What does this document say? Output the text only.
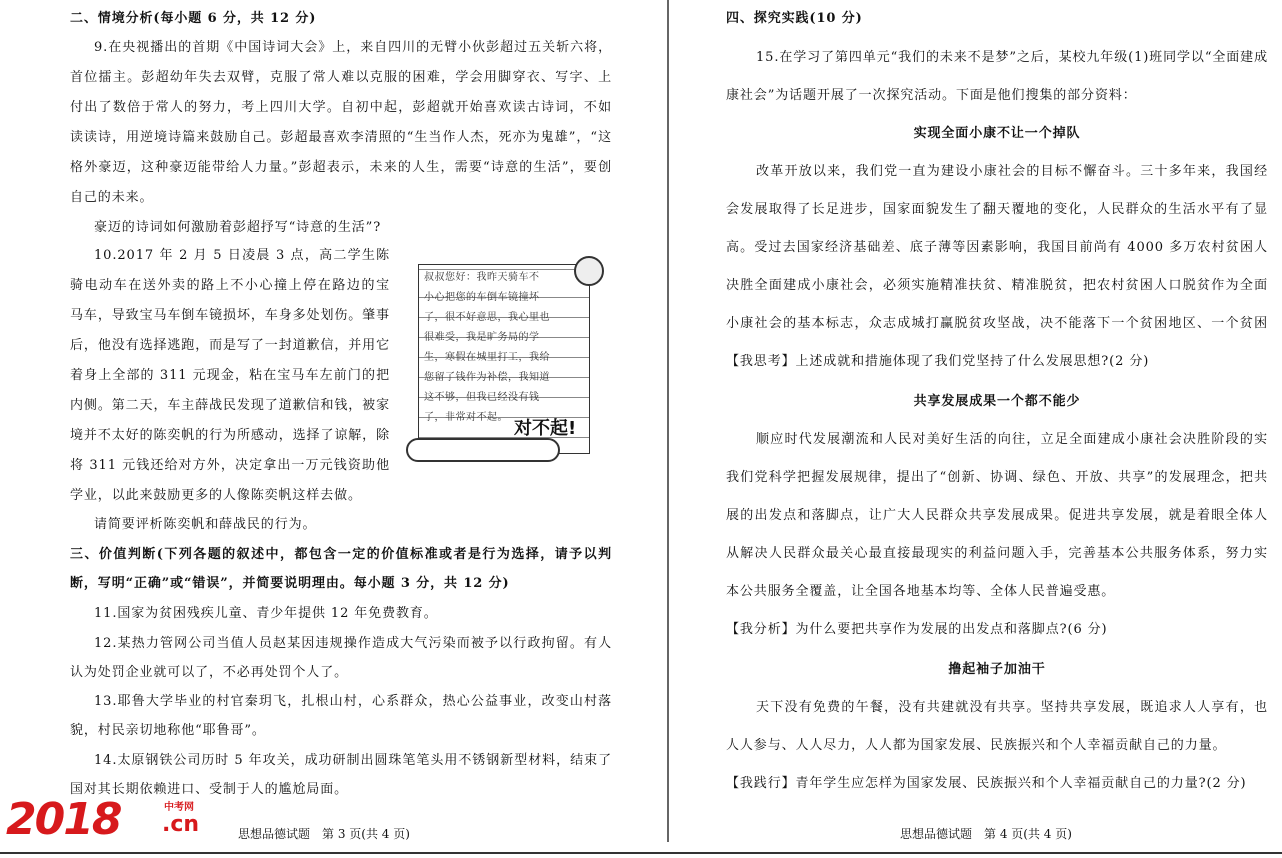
二、情境分析(每小题 6 分，共 12 分)
9.在央视播出的首期《中国诗词大会》上，来自四川的无臂小伙彭超过五关斩六将，
首位擂主。彭超幼年失去双臂，克服了常人难以克服的困难，学会用脚穿衣、写字、上
付出了数倍于常人的努力，考上四川大学。自初中起，彭超就开始喜欢读古诗词，不如
读读诗，用逆境诗篇来鼓励自己。彭超最喜欢李清照的“生当作人杰，死亦为鬼雄”，“这
格外豪迈，这种豪迈能带给人力量。”彭超表示，未来的人生，需要“诗意的生活”，要创
自己的未来。
豪迈的诗词如何激励着彭超抒写“诗意的生活”?
10.2017 年 2 月 5 日凌晨 3 点，高二学生陈
骑电动车在送外卖的路上不小心撞上停在路边的宝
马车，导致宝马车倒车镜损坏，车身多处划伤。肇事
后，他没有选择逃跑，而是写了一封道歉信，并用它
着身上全部的 311 元现金，粘在宝马车左前门的把
内侧。第二天，车主薛战民发现了道歉信和钱，被家
境并不太好的陈奕帆的行为所感动，选择了谅解，除
将 311 元钱还给对方外，决定拿出一万元钱资助他
学业，以此来鼓励更多的人像陈奕帆这样去做。
请简要评析陈奕帆和薛战民的行为。
叔叔您好：我昨天骑车不
小心把您的车倒车镜撞坏
了，很不好意思，我心里也
很难受，我是旷务局的学
生，寒假在城里打工，我给
您留了钱作为补偿，我知道
这不够，但我已经没有钱
了，非常对不起。
对不起!
三、价值判断(下列各题的叙述中，都包含一定的价值标准或者是行为选择，请予以判
断，写明“正确”或“错误”，并简要说明理由。每小题 3 分，共 12 分)
11.国家为贫困残疾儿童、青少年提供 12 年免费教育。
12.某热力管网公司当值人员赵某因违规操作造成大气污染而被予以行政拘留。有人
认为处罚企业就可以了，不必再处罚个人了。
13.耶鲁大学毕业的村官秦玥飞，扎根山村，心系群众，热心公益事业，改变山村落
貌，村民亲切地称他“耶鲁哥”。
14.太原钢铁公司历时 5 年攻关，成功研制出圆珠笔笔头用不锈钢新型材料，结束了
国对其长期依赖进口、受制于人的尴尬局面。
思想品德试题　第 3 页(共 4 页)
四、探究实践(10 分)
15.在学习了第四单元“我们的未来不是梦”之后，某校九年级(1)班同学以“全面建成
康社会”为话题开展了一次探究活动。下面是他们搜集的部分资料：
实现全面小康不让一个掉队
改革开放以来，我们党一直为建设小康社会的目标不懈奋斗。三十多年来，我国经
会发展取得了长足进步，国家面貌发生了翻天覆地的变化，人民群众的生活水平有了显
高。受过去国家经济基础差、底子薄等因素影响，我国目前尚有 4000 多万农村贫困人
决胜全面建成小康社会，必须实施精准扶贫、精准脱贫，把农村贫困人口脱贫作为全面
小康社会的基本标志，众志成城打赢脱贫攻坚战，决不能落下一个贫困地区、一个贫困
【我思考】上述成就和措施体现了我们党坚持了什么发展思想?(2 分)
共享发展成果一个都不能少
顺应时代发展潮流和人民对美好生活的向往，立足全面建成小康社会决胜阶段的实
我们党科学把握发展规律，提出了“创新、协调、绿色、开放、共享”的发展理念，把共
展的出发点和落脚点，让广大人民群众共享发展成果。促进共享发展，就是着眼全体人
从解决人民群众最关心最直接最现实的利益问题入手，完善基本公共服务体系，努力实
本公共服务全覆盖，让全国各地基本均等、全体人民普遍受惠。
【我分析】为什么要把共享作为发展的出发点和落脚点?(6 分)
撸起袖子加油干
天下没有免费的午餐，没有共建就没有共享。坚持共享发展，既追求人人享有，也
人人参与、人人尽力，人人都为国家发展、民族振兴和个人幸福贡献自己的力量。
【我践行】青年学生应怎样为国家发展、民族振兴和个人幸福贡献自己的力量?(2 分)
思想品德试题　第 4 页(共 4 页)
2018	中考网
.cn
